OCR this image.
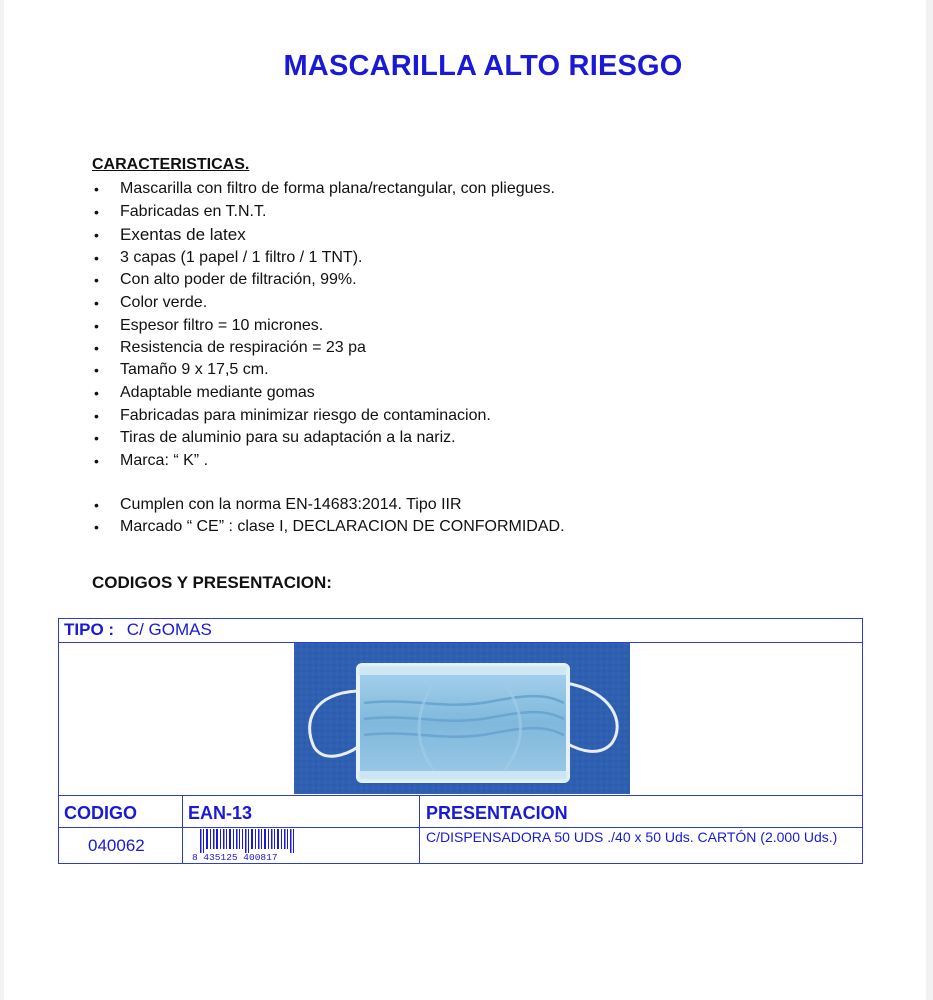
MASCARILLA ALTO RIESGO
CARACTERISTICAS.
• Mascarilla con filtro de forma plana/rectangular, con pliegues.
• Fabricadas en T.N.T.
• Exentas de latex
• 3 capas (1 papel / 1 filtro / 1 TNT).
• Con alto poder de filtración, 99%.
• Color verde.
• Espesor filtro = 10 micrones.
• Resistencia de respiración = 23 pa
• Tamaño 9 x 17,5 cm.
• Adaptable mediante gomas
• Fabricadas para minimizar riesgo de contaminacion.
• Tiras de aluminio para su adaptación a la nariz.
• Marca: “ K” .
• Cumplen con la norma EN-14683:2014. Tipo IIR
• Marcado “ CE” : clase I, DECLARACION DE CONFORMIDAD.
CODIGOS Y PRESENTACION:
TIPO : C/ GOMAS
CODIGO	EAN-13	PRESENTACION
040062
8 435125 400817
C/DISPENSADORA 50 UDS ./40 x 50 Uds. CARTÓN (2.000 Uds.)
